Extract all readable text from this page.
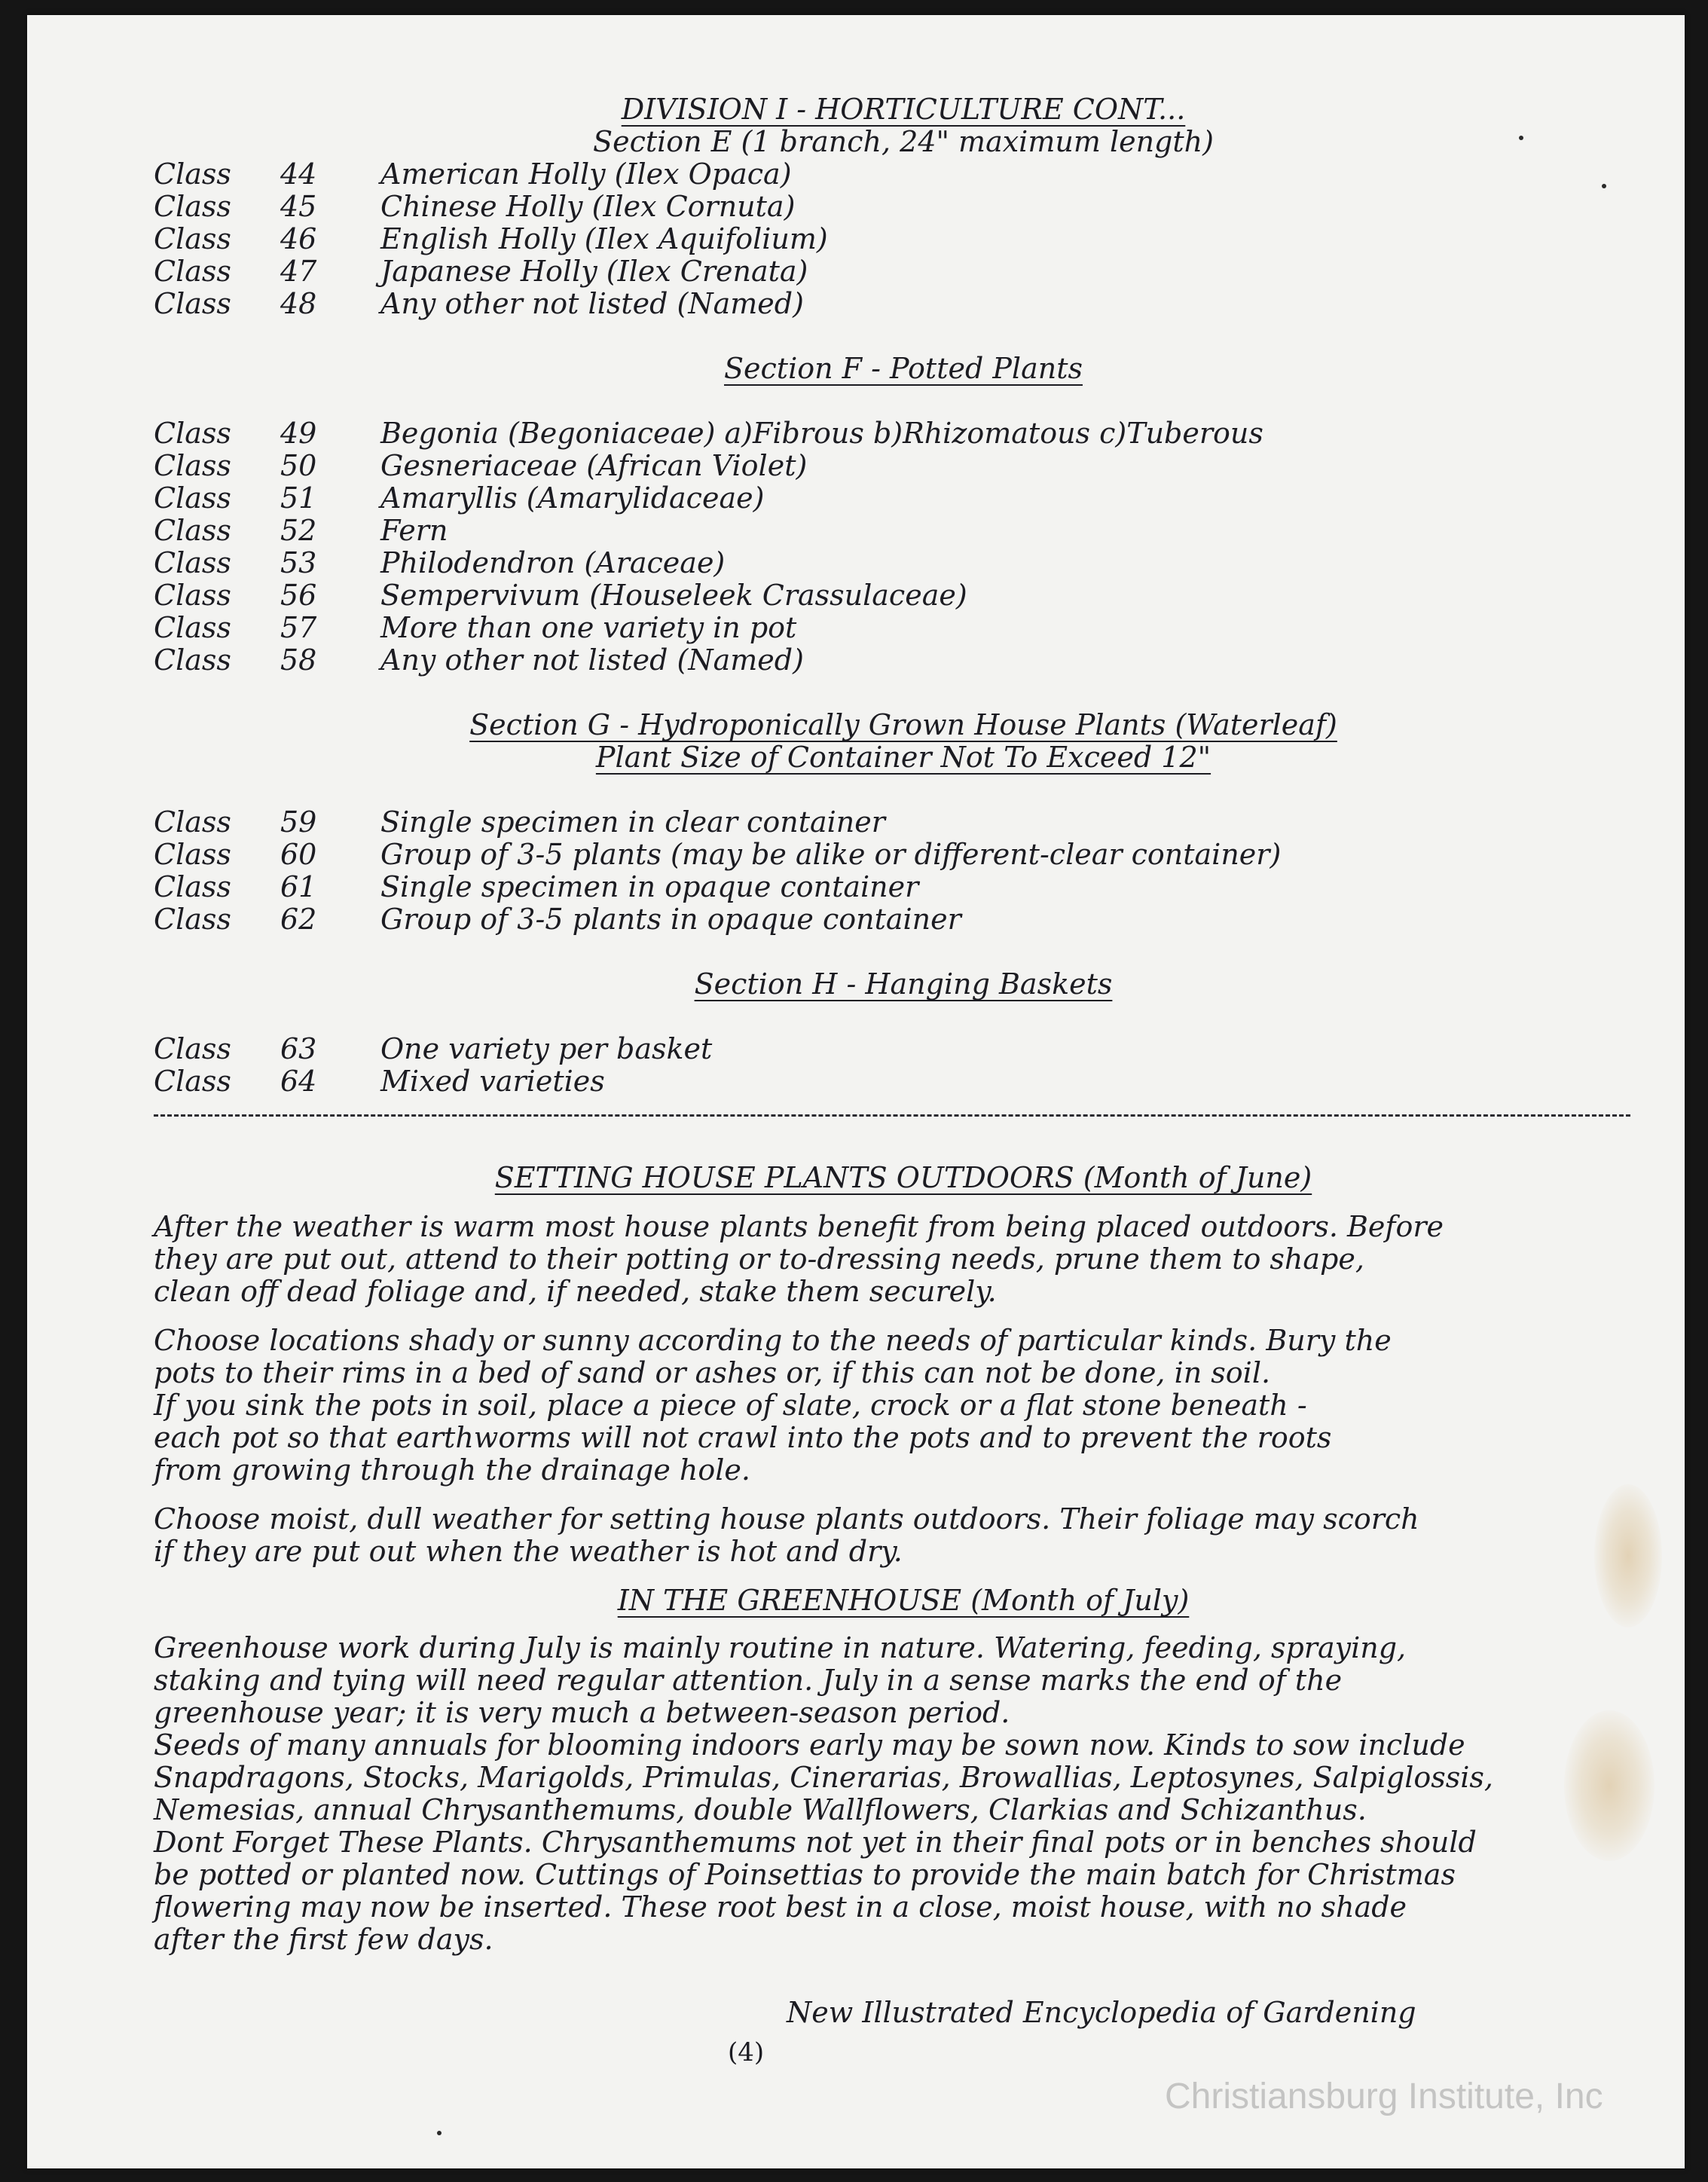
DIVISION I - HORTICULTURE CONT...
Section E (1 branch, 24" maximum length)
Class	44	American Holly (Ilex Opaca)
Class	45	Chinese Holly (Ilex Cornuta)
Class	46	English Holly (Ilex Aquifolium)
Class	47	Japanese Holly (Ilex Crenata)
Class	48	Any other not listed (Named)
Section F - Potted Plants
Class	49	Begonia (Begoniaceae) a)Fibrous b)Rhizomatous c)Tuberous
Class	50	Gesneriaceae (African Violet)
Class	51	Amaryllis (Amarylidaceae)
Class	52	Fern
Class	53	Philodendron (Araceae)
Class	56	Sempervivum (Houseleek Crassulaceae)
Class	57	More than one variety in pot
Class	58	Any other not listed (Named)
Section G - Hydroponically Grown House Plants (Waterleaf)
Plant Size of Container Not To Exceed 12"
Class	59	Single specimen in clear container
Class	60	Group of 3-5 plants (may be alike or different-clear container)
Class	61	Single specimen in opaque container
Class	62	Group of 3-5 plants in opaque container
Section H - Hanging Baskets
Class	63	One variety per basket
Class	64	Mixed varieties
SETTING HOUSE PLANTS OUTDOORS (Month of June)
After the weather is warm most house plants benefit from being placed outdoors. Before
they are put out, attend to their potting or to-dressing needs, prune them to shape,
clean off dead foliage and, if needed, stake them securely.
Choose locations shady or sunny according to the needs of particular kinds. Bury the
pots to their rims in a bed of sand or ashes or, if this can not be done, in soil.
If you sink the pots in soil, place a piece of slate, crock or a flat stone beneath -
each pot so that earthworms will not crawl into the pots and to prevent the roots
from growing through the drainage hole.
Choose moist, dull weather for setting house plants outdoors. Their foliage may scorch
if they are put out when the weather is hot and dry.
IN THE GREENHOUSE (Month of July)
Greenhouse work during July is mainly routine in nature. Watering, feeding, spraying,
staking and tying will need regular attention. July in a sense marks the end of the
greenhouse year; it is very much a between-season period.
Seeds of many annuals for blooming indoors early may be sown now. Kinds to sow include
Snapdragons, Stocks, Marigolds, Primulas, Cinerarias, Browallias, Leptosynes, Salpiglossis,
Nemesias, annual Chrysanthemums, double Wallflowers, Clarkias and Schizanthus.
Dont Forget These Plants. Chrysanthemums not yet in their final pots or in benches should
be potted or planted now. Cuttings of Poinsettias to provide the main batch for Christmas
flowering may now be inserted. These root best in a close, moist house, with no shade
after the first few days.
New Illustrated Encyclopedia of Gardening
(4)
Christiansburg Institute, Inc
